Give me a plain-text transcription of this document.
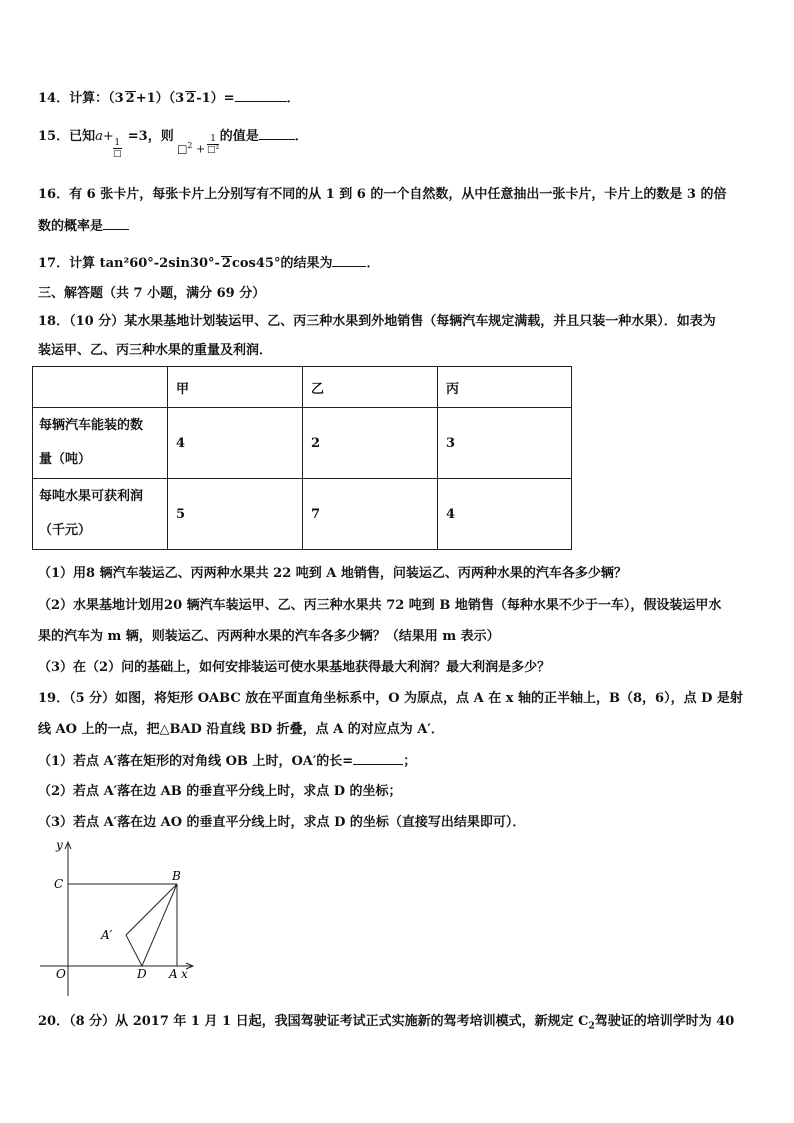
14．计算：（3 2+1）（3 2-1）=	．
15．已知a+ =3，则	的值是	．
1
□	□$^2$ +
1
□²
16．有 6 张卡片，每张卡片上分别写有不同的从 1 到 6 的一个自然数，从中任意抽出一张卡片，卡片上的数是 3 的倍
数的概率是
17．计算 tan²60°-2sin30°- 2cos45°的结果为	．
三、解答题（共 7 小题，满分 69 分）
18．（10 分）某水果基地计划装运甲、乙、丙三种水果到外地销售（每辆汽车规定满载，并且只装一种水果）．如表为
装运甲、乙、丙三种水果的重量及利润．
	甲	乙	丙
每辆汽车能装的数
量（吨）	4	2	3
每吨水果可获利润
（千元）	5	7	4
（1）用8 辆汽车装运乙、丙两种水果共 22 吨到 A 地销售，问装运乙、丙两种水果的汽车各多少辆？
（2）水果基地计划用20 辆汽车装运甲、乙、丙三种水果共 72 吨到 B 地销售（每种水果不少于一车），假设装运甲水
果的汽车为 m 辆，则装运乙、丙两种水果的汽车各多少辆？（结果用 m 表示）
（3）在（2）问的基础上，如何安排装运可使水果基地获得最大利润？最大利润是多少？
19．（5 分）如图，将矩形 OABC 放在平面直角坐标系中，O 为原点，点 A 在 x 轴的正半轴上，B（8，6），点 D 是射
线 AO 上的一点，把△BAD 沿直线 BD 折叠，点 A 的对应点为 A′．
（1）若点 A′落在矩形的对角线 OB 上时，OA′的长=	；
（2）若点 A′落在边 AB 的垂直平分线上时，求点 D 的坐标；
（3）若点 A′落在边 AO 的垂直平分线上时，求点 D 的坐标（直接写出结果即可）．
y
C
B
A′
O	D A x
20．（8 分）从 2017 年 1 月 1 日起，我国驾驶证考试正式实施新的驾考培训模式，新规定 $C_2$驾驶证的培训学时为 40
